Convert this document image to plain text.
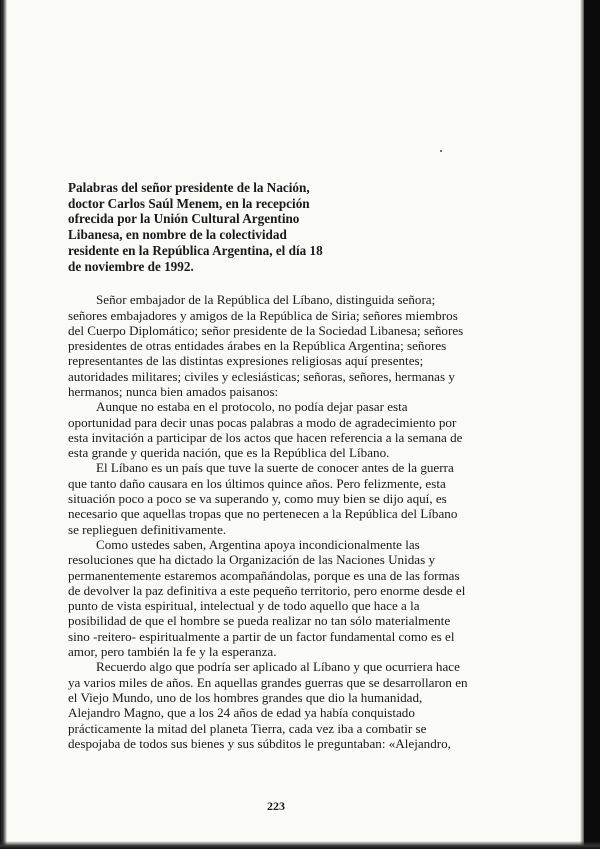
Palabras del señor presidente de la Nación,
doctor Carlos Saúl Menem, en la recepción
ofrecida por la Unión Cultural Argentino
Libanesa, en nombre de la colectividad
residente en la República Argentina, el día 18
de noviembre de 1992.
Señor embajador de la República del Líbano, distinguida señora;
señores embajadores y amigos de la República de Siria; señores miembros
del Cuerpo Diplomático; señor presidente de la Sociedad Libanesa; señores
presidentes de otras entidades árabes en la República Argentina; señores
representantes de las distintas expresiones religiosas aquí presentes;
autoridades militares; civiles y eclesiásticas; señoras, señores, hermanas y
hermanos; nunca bien amados paisanos:
Aunque no estaba en el protocolo, no podía dejar pasar esta
oportunidad para decir unas pocas palabras a modo de agradecimiento por
esta invitación a participar de los actos que hacen referencia a la semana de
esta grande y querida nación, que es la República del Líbano.
El Líbano es un país que tuve la suerte de conocer antes de la guerra
que tanto daño causara en los últimos quince años. Pero felizmente, esta
situación poco a poco se va superando y, como muy bien se dijo aquí, es
necesario que aquellas tropas que no pertenecen a la República del Líbano
se replieguen definitivamente.
Como ustedes saben, Argentina apoya incondicionalmente las
resoluciones que ha dictado la Organización de las Naciones Unidas y
permanentemente estaremos acompañándolas, porque es una de las formas
de devolver la paz definitiva a este pequeño territorio, pero enorme desde el
punto de vista espiritual, intelectual y de todo aquello que hace a la
posibilidad de que el hombre se pueda realizar no tan sólo materialmente
sino -reitero- espiritualmente a partir de un factor fundamental como es el
amor, pero también la fe y la esperanza.
Recuerdo algo que podría ser aplicado al Líbano y que ocurriera hace
ya varios miles de años. En aquellas grandes guerras que se desarrollaron en
el Viejo Mundo, uno de los hombres grandes que dio la humanidad,
Alejandro Magno, que a los 24 años de edad ya había conquistado
prácticamente la mitad del planeta Tierra, cada vez iba a combatir se
despojaba de todos sus bienes y sus súbditos le preguntaban: «Alejandro,
223
